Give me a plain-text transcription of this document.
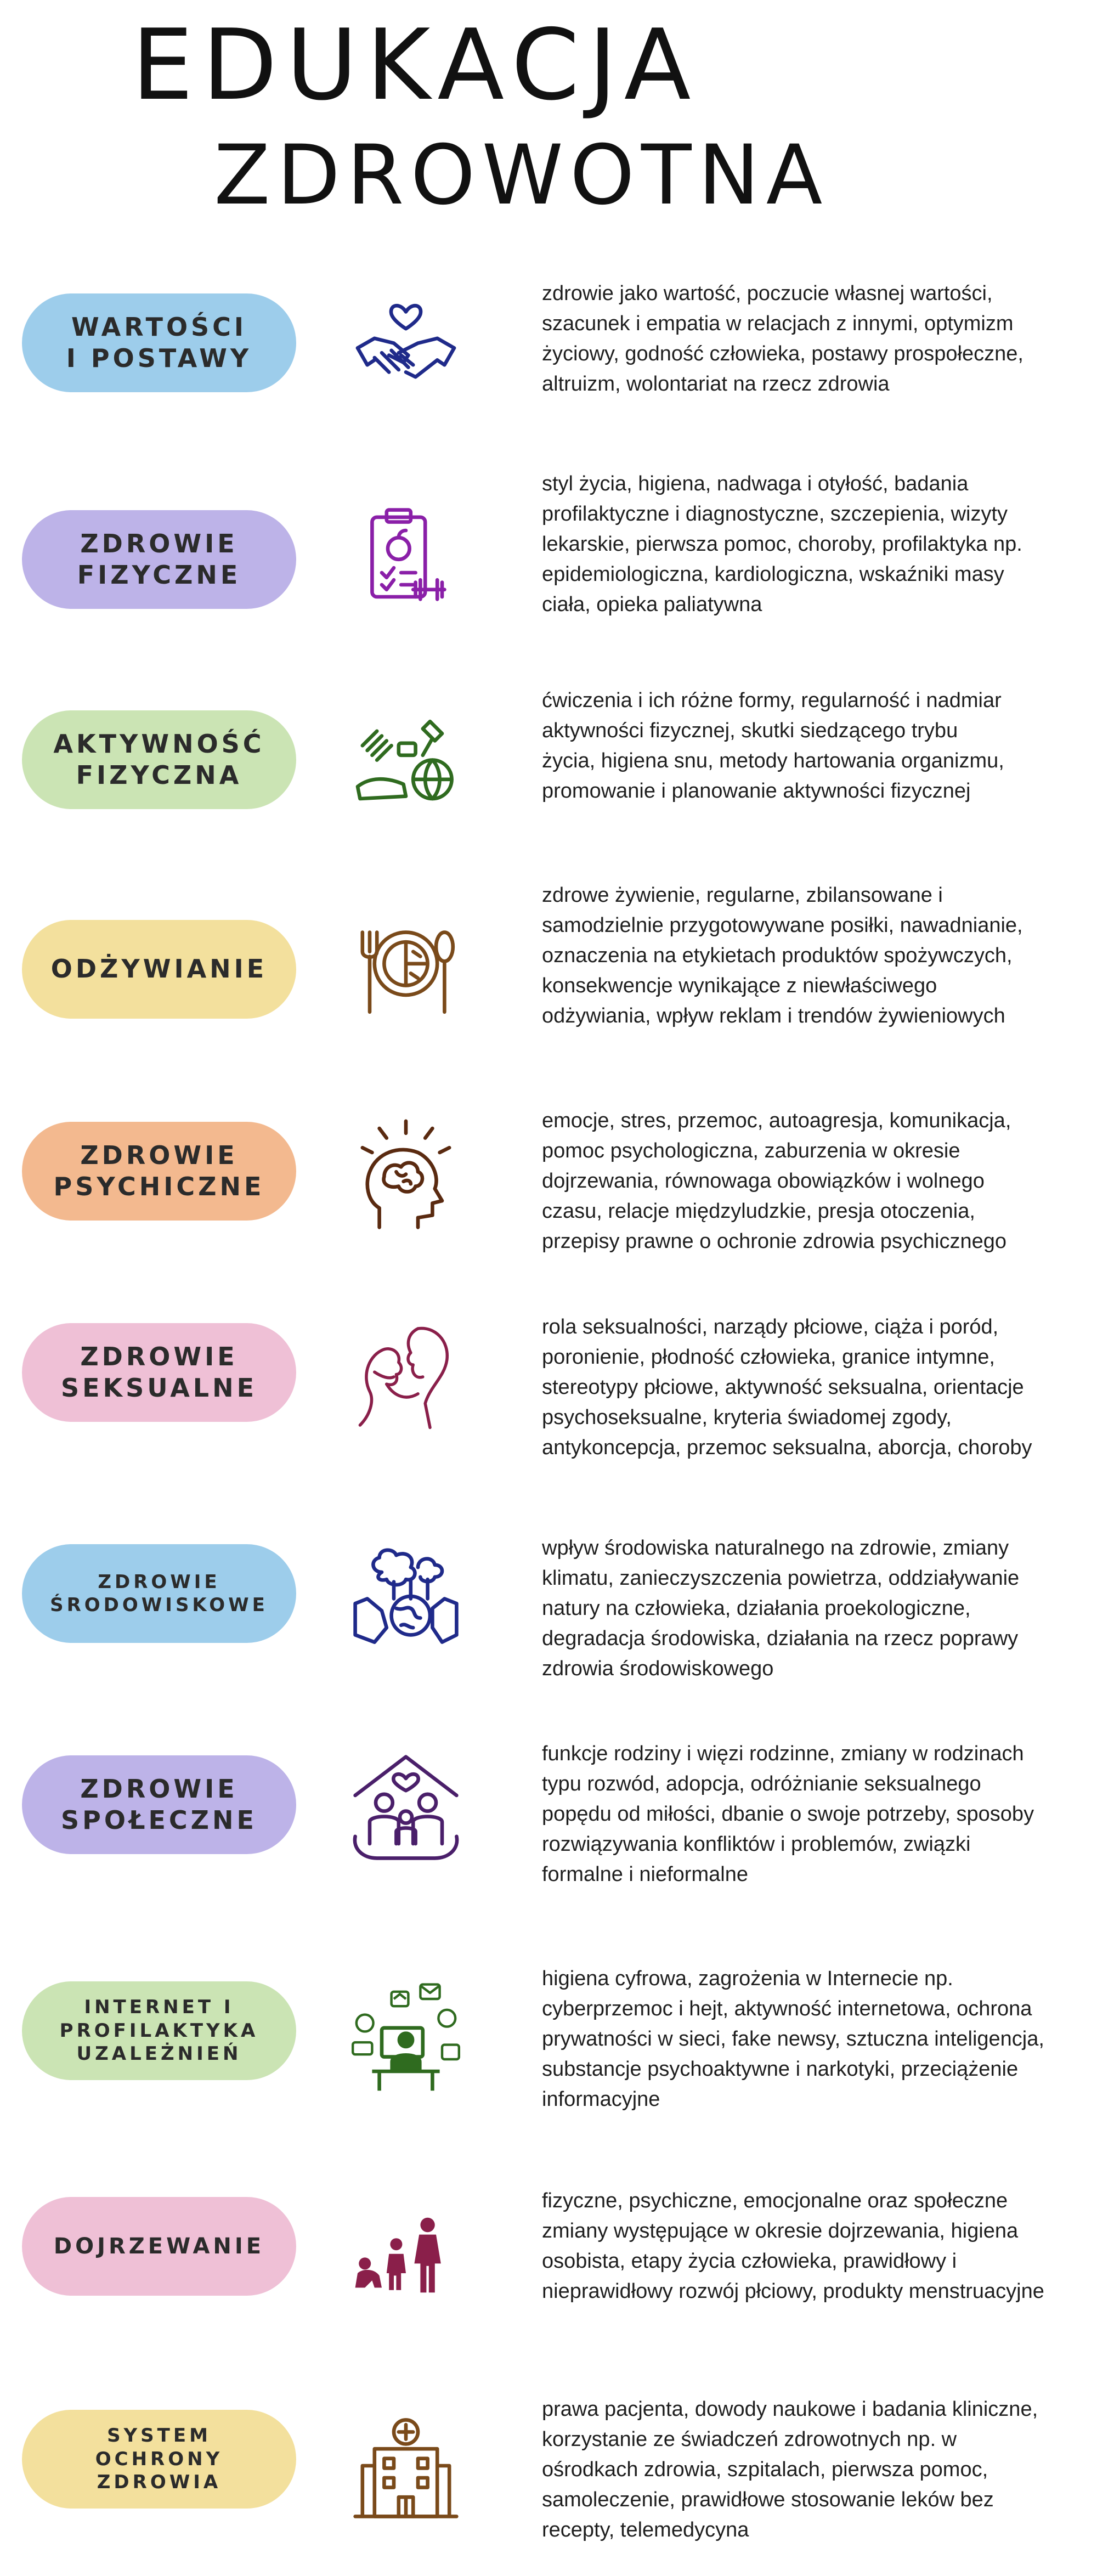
EDUKACJA
ZDROWOTNA
WARTOŚCI
I POSTAWY
zdrowie jako wartość, poczucie własnej wartości,
szacunek i empatia w relacjach z innymi, optymizm
życiowy, godność człowieka, postawy prospołeczne,
altruizm, wolontariat na rzecz zdrowia
ZDROWIE
FIZYCZNE
styl życia, higiena, nadwaga i otyłość, badania
profilaktyczne i diagnostyczne, szczepienia, wizyty
lekarskie, pierwsza pomoc, choroby, profilaktyka np.
epidemiologiczna, kardiologiczna, wskaźniki masy
ciała, opieka paliatywna
AKTYWNOŚĆ
FIZYCZNA
ćwiczenia i ich różne formy, regularność i nadmiar
aktywności fizycznej, skutki siedzącego trybu
życia, higiena snu, metody hartowania organizmu,
promowanie i planowanie aktywności fizycznej
ODŻYWIANIE
zdrowe żywienie, regularne, zbilansowane i
samodzielnie przygotowywane posiłki, nawadnianie,
oznaczenia na etykietach produktów spożywczych,
konsekwencje wynikające z niewłaściwego
odżywiania, wpływ reklam i trendów żywieniowych
ZDROWIE
PSYCHICZNE
emocje, stres, przemoc, autoagresja, komunikacja,
pomoc psychologiczna, zaburzenia w okresie
dojrzewania, równowaga obowiązków i wolnego
czasu, relacje międzyludzkie, presja otoczenia,
przepisy prawne o ochronie zdrowia psychicznego
ZDROWIE
SEKSUALNE
rola seksualności, narządy płciowe, ciąża i poród,
poronienie, płodność człowieka, granice intymne,
stereotypy płciowe, aktywność seksualna, orientacje
psychoseksualne, kryteria świadomej zgody,
antykoncepcja, przemoc seksualna, aborcja, choroby
ZDROWIE
ŚRODOWISKOWE
wpływ środowiska naturalnego na zdrowie, zmiany
klimatu, zanieczyszczenia powietrza, oddziaływanie
natury na człowieka, działania proekologiczne,
degradacja środowiska, działania na rzecz poprawy
zdrowia środowiskowego
ZDROWIE
SPOŁECZNE
funkcje rodziny i więzi rodzinne, zmiany w rodzinach
typu rozwód, adopcja, odróżnianie seksualnego
popędu od miłości, dbanie o swoje potrzeby, sposoby
rozwiązywania konfliktów i problemów, związki
formalne i nieformalne
INTERNET I
PROFILAKTYKA
UZALEŻNIEŃ
higiena cyfrowa, zagrożenia w Internecie np.
cyberprzemoc i hejt, aktywność internetowa, ochrona
prywatności w sieci, fake newsy, sztuczna inteligencja,
substancje psychoaktywne i narkotyki, przeciążenie
informacyjne
DOJRZEWANIE
fizyczne, psychiczne, emocjonalne oraz społeczne
zmiany występujące w okresie dojrzewania, higiena
osobista, etapy życia człowieka, prawidłowy i
nieprawidłowy rozwój płciowy, produkty menstruacyjne
SYSTEM
OCHRONY
ZDROWIA
prawa pacjenta, dowody naukowe i badania kliniczne,
korzystanie ze świadczeń zdrowotnych np. w
ośrodkach zdrowia, szpitalach, pierwsza pomoc,
samoleczenie, prawidłowe stosowanie leków bez
recepty, telemedycyna
